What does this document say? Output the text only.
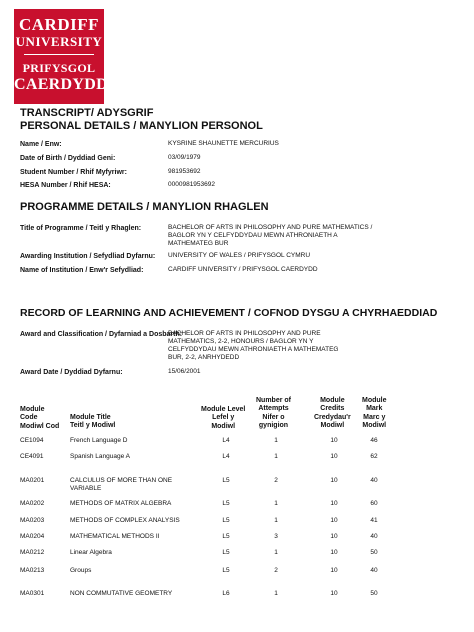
CARDIFF
UNIVERSITY
PRIFYSGOL
CAERDYDD
TRANSCRIPT/ ADYSGRIF
PERSONAL DETAILS / MANYLION PERSONOL
Name / Enw:	KYSRINE SHAUNETTE MERCURIUS
Date of Birth / Dyddiad Geni:	03/09/1979
Student Number / Rhif Myfyriwr:	981953692
HESA Number / Rhif HESA:	0000981953692
PROGRAMME DETAILS / MANYLION RHAGLEN
Title of Programme / Teitl y Rhaglen:	BACHELOR OF ARTS IN PHILOSOPHY AND PURE MATHEMATICS /
BAGLOR YN Y CELFYDDYDAU MEWN ATHRONIAETH A
MATHEMATEG BUR
Awarding Institution / Sefydliad Dyfarnu: UNIVERSITY OF WALES / PRIFYSGOL CYMRU
Name of Institution / Enw'r Sefydliad:	CARDIFF UNIVERSITY / PRIFYSGOL CAERDYDD
RECORD OF LEARNING AND ACHIEVEMENT / COFNOD DYSGU A CHYRHAEDDIAD
Award and Classification / Dyfarniad a Dosbarth:
BACHELOR OF ARTS IN PHILOSOPHY AND PURE
MATHEMATICS, 2-2, HONOURS / BAGLOR YN Y
CELFYDDYDAU MEWN ATHRONIAETH A MATHEMATEG
BUR, 2-2, ANRHYDEDD
Award Date / Dyddiad Dyfarnu:	15/06/2001
Module
Code
Modiwl Cod
Module Title
Teitl y Modiwl
Module Level
Lefel y
Modiwl
Number of
Attempts
Nifer o
gynigion
Module
Credits
Credydau'r
Modiwl
Module
Mark
Marc y
Modiwl
CE1094	French Language D	L4	1	10	46
CE4091	Spanish Language A	L4	1	10	62
MA0201	CALCULUS OF MORE THAN ONE
VARIABLE
L5	2	10	40
MA0202	METHODS OF MATRIX ALGEBRA	L5	1	10	60
MA0203	METHODS OF COMPLEX ANALYSIS	L5	1	10	41
MA0204	MATHEMATICAL METHODS II	L5	3	10	40
MA0212	Linear Algebra	L5	1	10	50
MA0213	Groups	L5	2	10	40
MA0301	NON COMMUTATIVE GEOMETRY	L6	1	10	50
